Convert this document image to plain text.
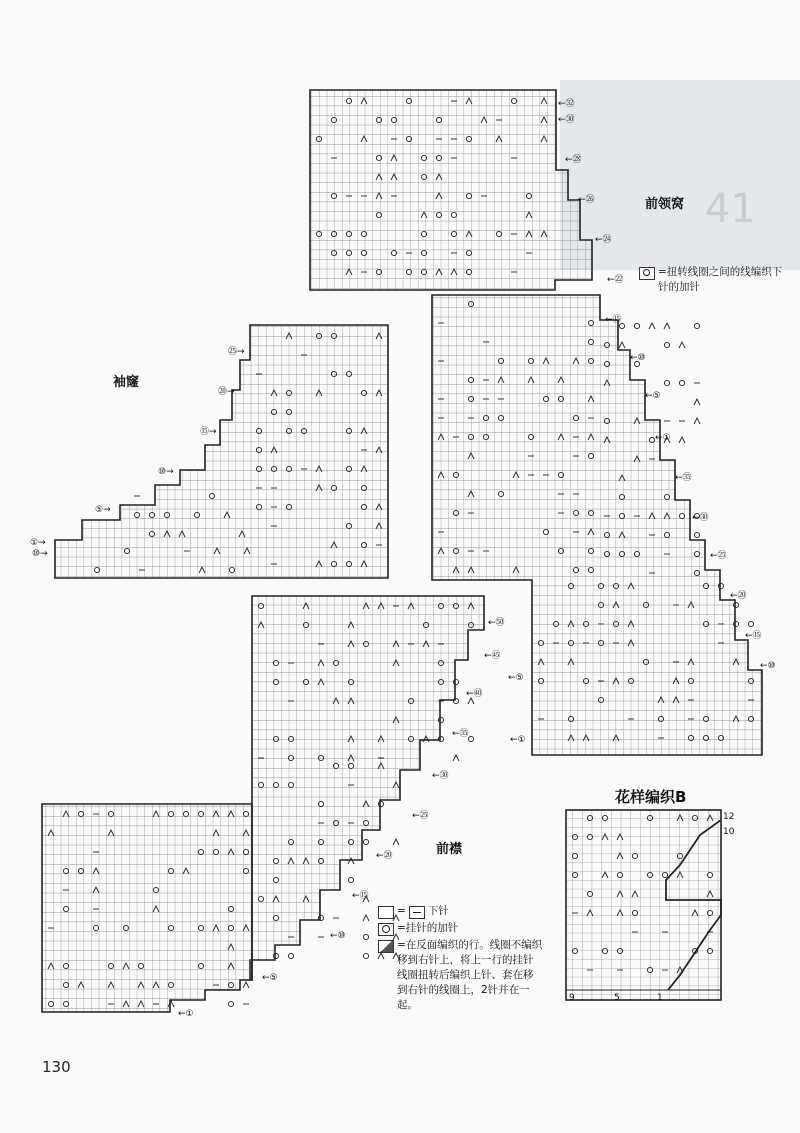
41
←㉜
←㉚
←㉘
←㉖
←㉔
←㉒
←⑮
←⑩
←⑤
←①
←㉟
←㉚
←㉕
←⑳
←⑮
←⑩
←⑤
←①
㉕→
⑳→
⑮→
⑩→
⑤→
①→
⑩→
←㊿
←㊺
←㊵
←㉟
←㉚
←㉕
←⑳
←⑮
←⑩
←⑤
←①
前领窝
袖窿
前襟
花样编织B
12
10
9	5	1
=扭转线圈之间的线编织下针的加针
= 下针
=挂针的加针
=在反面编织的行。线圈不编织移到右针上，将上一行的挂针线圈扭转后编织上针、套在移到右针的线圈上，2针并在一起。
130
